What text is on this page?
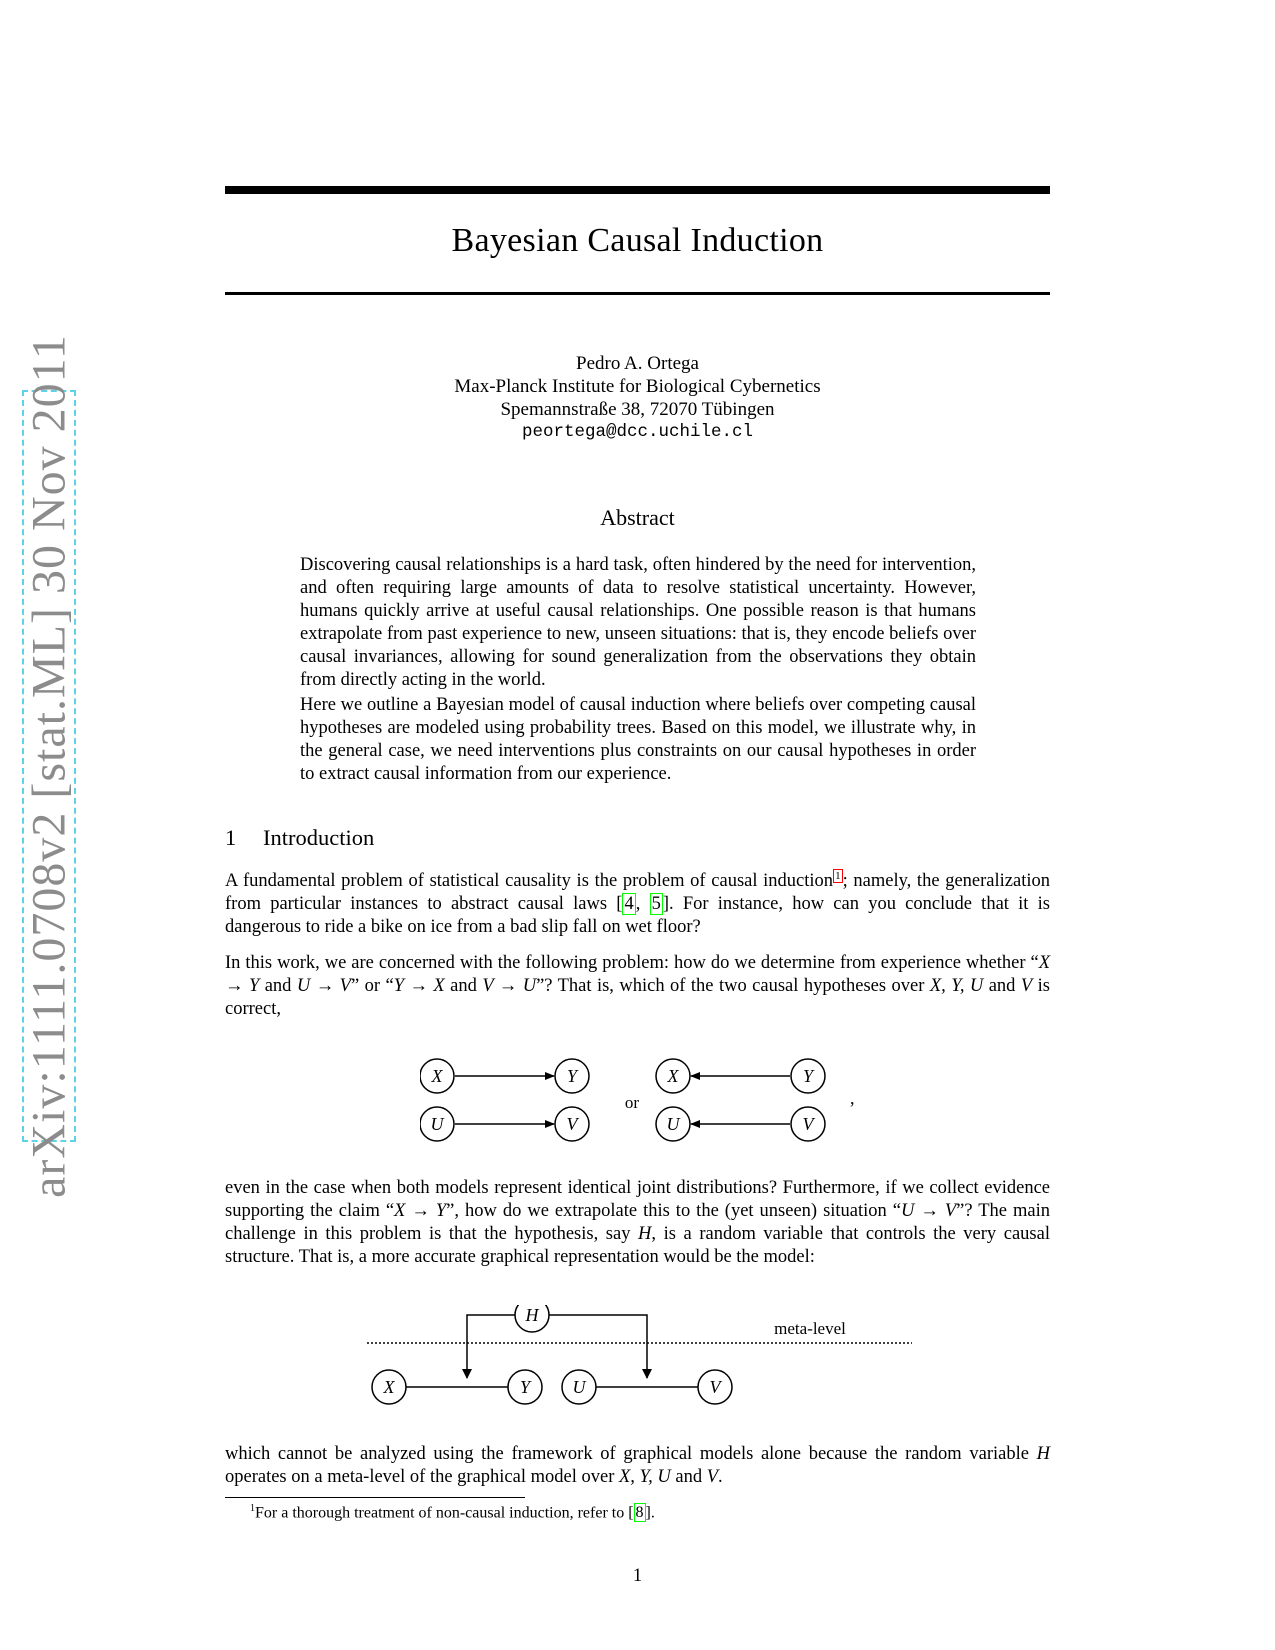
arXiv:1111.0708v2 [stat.ML] 30 Nov 2011
Bayesian Causal Induction
Pedro A. Ortega
Max-Planck Institute for Biological Cybernetics
Spemannstraße 38, 72070 Tübingen
peortega@dcc.uchile.cl
Abstract

Discovering causal relationships is a hard task, often hindered by the need for intervention, and often requiring large amounts of data to resolve statistical uncertainty. However, humans quickly arrive at useful causal relationships. One possible reason is that humans extrapolate from past experience to new, unseen situations: that is, they encode beliefs over causal invariances, allowing for sound generalization from the observations they obtain from directly acting in the world.

Here we outline a Bayesian model of causal induction where beliefs over competing causal hypotheses are modeled using probability trees. Based on this model, we illustrate why, in the general case, we need interventions plus constraints on our causal hypotheses in order to extract causal information from our experience.

1 Introduction

A fundamental problem of statistical causality is the problem of causal induction $^1$ ; namely, the generalization from particular instances to abstract causal laws [ 4 , 5 ]. For instance, how can you conclude that it is dangerous to ride a bike on ice from a bad slip fall on wet floor?

In this work, we are concerned with the following problem: how do we determine from experience whether “X → Y and U → V” or “Y → X and V → U”? That is, which of the two causal hypotheses over X, Y, U and V is correct,

X	Y
U	V
or
X	Y
U	V
,

even in the case when both models represent identical joint distributions? Furthermore, if we collect evidence supporting the claim “X → Y”, how do we extrapolate this to the (yet unseen) situation “U → V”? The main challenge in this problem is that the hypothesis, say H, is a random variable that controls the very causal structure. That is, a more accurate graphical representation would be the model:

meta-level
H
X	Y U	V

which cannot be analyzed using the framework of graphical models alone because the random variable H operates on a meta-level of the graphical model over X, Y, U and V.

$^1$For a thorough treatment of non-causal induction, refer to [ 8 ].
1
